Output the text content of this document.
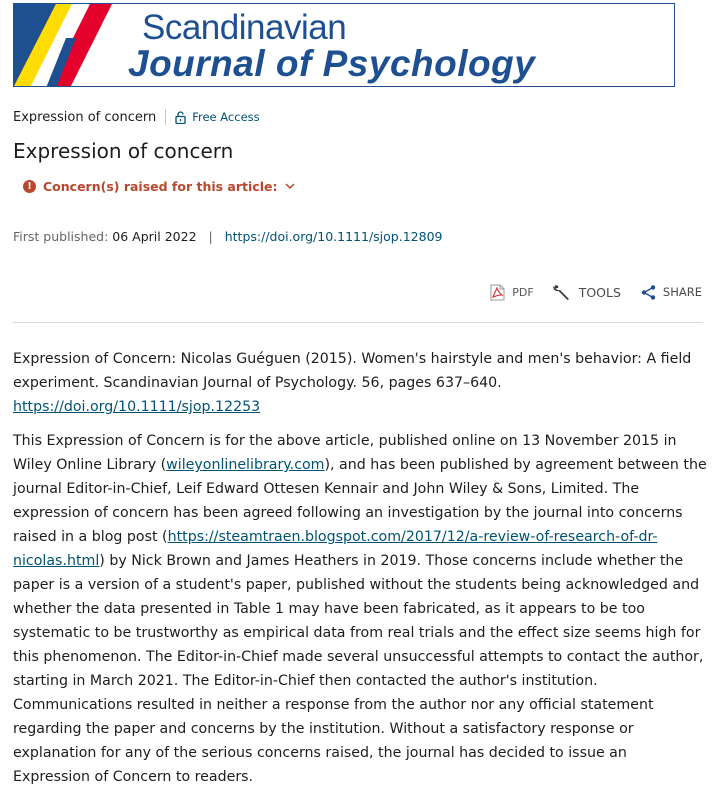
Scandinavian
Journal of Psychology
Expression of concern	Free Access
Expression of concern
! Concern(s) raised for this article:
First published: 06 April 2022 | https://doi.org/10.1111/sjop.12809
PDF	TOOLS	SHARE

Expression of Concern: Nicolas Guéguen (2015). Women's hairstyle and men's behavior: A field experiment. Scandinavian Journal of Psychology. 56, pages 637–640. https://doi.org/10.1111/sjop.12253

This Expression of Concern is for the above article, published online on 13 November 2015 in Wiley Online Library (wileyonlinelibrary.com), and has been published by agreement between the journal Editor-in-Chief, Leif Edward Ottesen Kennair and John Wiley & Sons, Limited. The expression of concern has been agreed following an investigation by the journal into concerns raised in a blog post (https://steamtraen.blogspot.com/2017/12/a-review-of-research-of-dr-nicolas.html) by Nick Brown and James Heathers in 2019. Those concerns include whether the paper is a version of a student's paper, published without the students being acknowledged and whether the data presented in Table 1 may have been fabricated, as it appears to be too systematic to be trustworthy as empirical data from real trials and the effect size seems high for this phenomenon. The Editor-in-Chief made several unsuccessful attempts to contact the author, starting in March 2021. The Editor-in-Chief then contacted the author's institution. Communications resulted in neither a response from the author nor any official statement regarding the paper and concerns by the institution. Without a satisfactory response or explanation for any of the serious concerns raised, the journal has decided to issue an Expression of Concern to readers.
